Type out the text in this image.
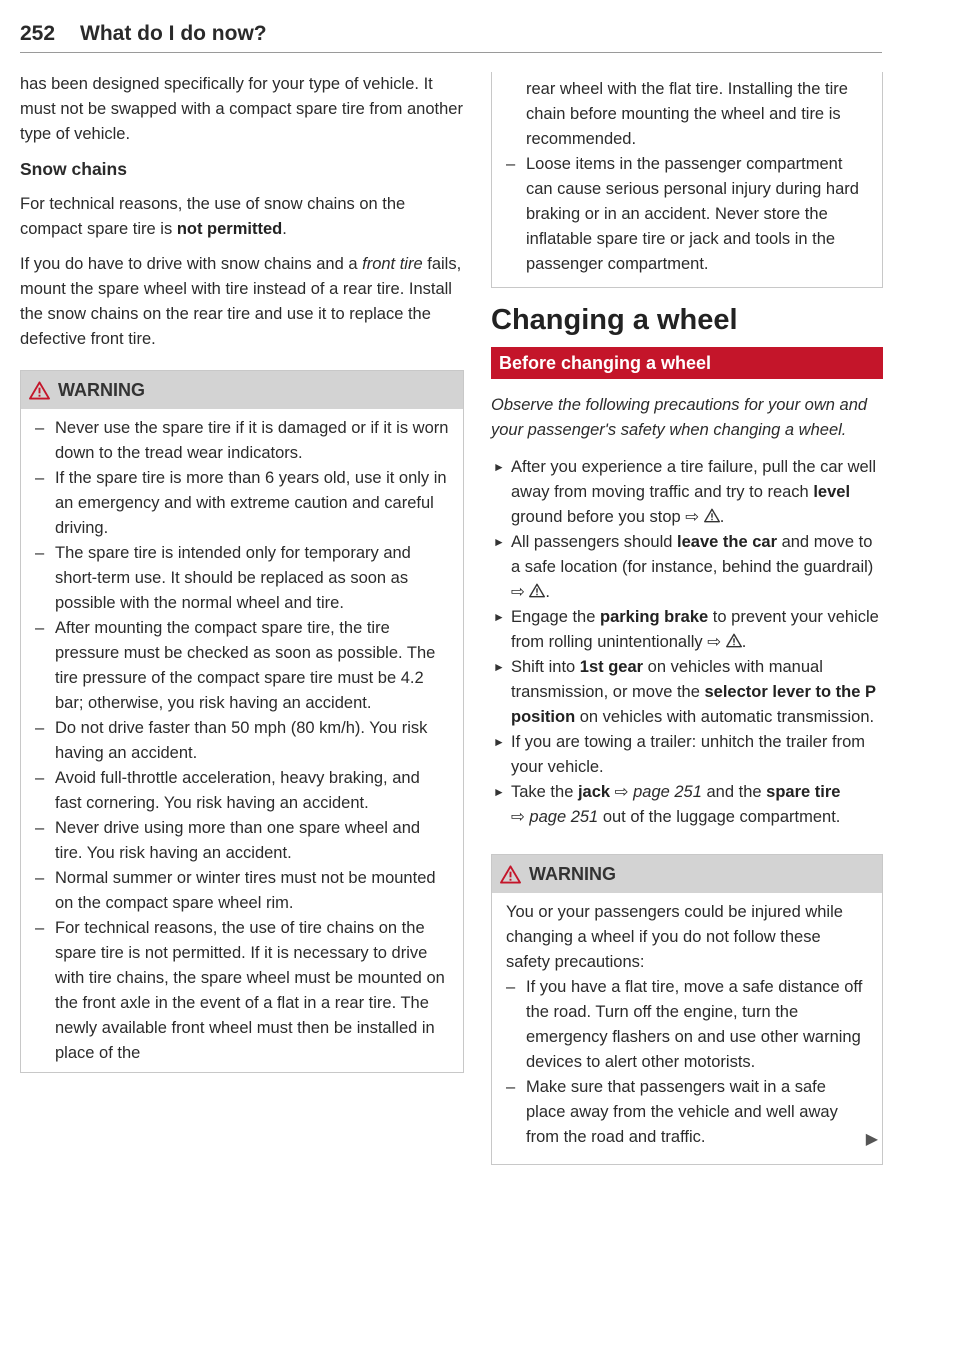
252 What do I do now?

has been designed specifically for your type of vehicle. It must not be swapped with a compact spare tire from another type of vehicle.

Snow chains

For technical reasons, the use of snow chains on the compact spare tire is not permitted.

If you do have to drive with snow chains and a front tire fails, mount the spare wheel with tire instead of a rear tire. Install the snow chains on the rear tire and use it to replace the defective front tire.

WARNING
– Never use the spare tire if it is damaged or if it is worn down to the tread wear indicators.
– If the spare tire is more than 6 years old, use it only in an emergency and with extreme caution and careful driving.
– The spare tire is intended only for temporary and short-term use. It should be replaced as soon as possible with the normal wheel and tire.
– After mounting the compact spare tire, the tire pressure must be checked as soon as possible. The tire pressure of the compact spare tire must be 4.2 bar; otherwise, you risk having an accident.
– Do not drive faster than 50 mph (80 km/h). You risk having an accident.
– Avoid full-throttle acceleration, heavy braking, and fast cornering. You risk having an accident.
– Never drive using more than one spare wheel and tire. You risk having an accident.
– Normal summer or winter tires must not be mounted on the compact spare wheel rim.
– For technical reasons, the use of tire chains on the spare tire is not permitted. If it is necessary to drive with tire chains, the spare wheel must be mounted on the front axle in the event of a flat in a rear tire. The newly available front wheel must then be installed in place of the
rear wheel with the flat tire. Installing the tire chain before mounting the wheel and tire is recommended.
– Loose items in the passenger compartment can cause serious personal injury during hard braking or in an accident. Never store the inflatable spare tire or jack and tools in the passenger compartment.
Changing a wheel
Before changing a wheel

Observe the following precautions for your own and your passenger's safety when changing a wheel.

► After you experience a tire failure, pull the car well away from moving traffic and try to reach level ground before you stop ⇨ .
► All passengers should leave the car and move to a safe location (for instance, behind the guardrail) ⇨ .
► Engage the parking brake to prevent your vehicle from rolling unintentionally ⇨ .
► Shift into 1st gear on vehicles with manual transmission, or move the selector lever to the P position on vehicles with automatic transmission.
► If you are towing a trailer: unhitch the trailer from your vehicle.
► Take the jack ⇨ page 251 and the spare tire
⇨ page 251 out of the luggage compartment.
WARNING
You or your passengers could be injured while changing a wheel if you do not follow these safety precautions:
– If you have a flat tire, move a safe distance off the road. Turn off the engine, turn the emergency flashers on and use other warning devices to alert other motorists.
– Make sure that passengers wait in a safe place away from the vehicle and well away from the road and traffic.	▶
